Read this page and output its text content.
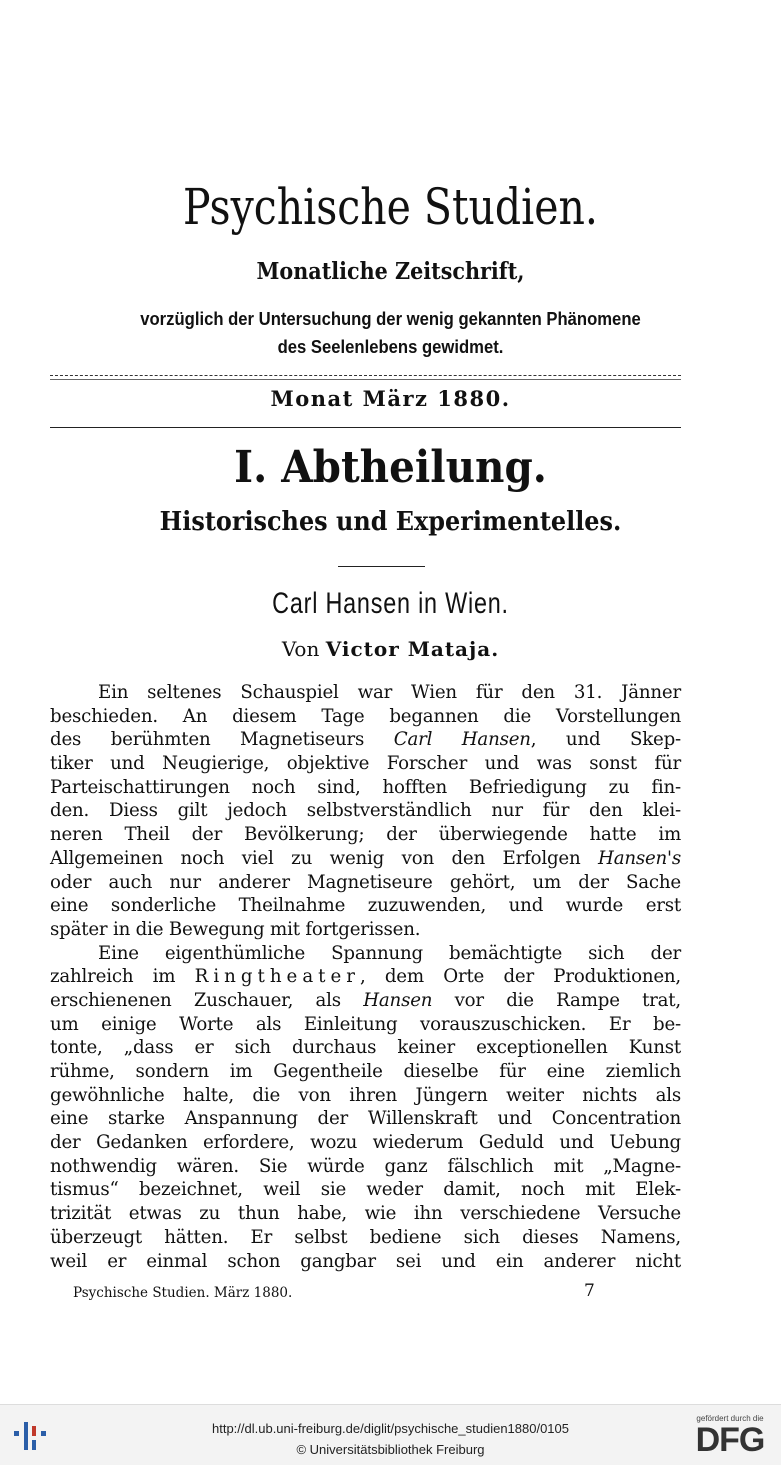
Psychische Studien.
Monatliche Zeitschrift,
vorzüglich der Untersuchung der wenig gekannten Phänomene
des Seelenlebens gewidmet.
Monat März 1880.
I. Abtheilung.
Historisches und Experimentelles.
Carl Hansen in Wien.
Von Victor Mataja.
Ein seltenes Schauspiel war Wien für den 31. Jänner
beschieden. An diesem Tage begannen die Vorstellungen
des berühmten Magnetiseurs Carl Hansen, und Skep-
tiker und Neugierige, objektive Forscher und was sonst für
Parteischattirungen noch sind, hofften Befriedigung zu fin-
den. Diess gilt jedoch selbstverständlich nur für den klei-
neren Theil der Bevölkerung; der überwiegende hatte im
Allgemeinen noch viel zu wenig von den Erfolgen Hansen's
oder auch nur anderer Magnetiseure gehört, um der Sache
eine sonderliche Theilnahme zuzuwenden, und wurde erst
später in die Bewegung mit fortgerissen.
Eine eigenthümliche Spannung bemächtigte sich der
zahlreich im Ringtheater, dem Orte der Produktionen,
erschienenen Zuschauer, als Hansen vor die Rampe trat,
um einige Worte als Einleitung vorauszuschicken. Er be-
tonte, „dass er sich durchaus keiner exceptionellen Kunst
rühme, sondern im Gegentheile dieselbe für eine ziemlich
gewöhnliche halte, die von ihren Jüngern weiter nichts als
eine starke Anspannung der Willenskraft und Concentration
der Gedanken erfordere, wozu wiederum Geduld und Uebung
nothwendig wären. Sie würde ganz fälschlich mit „Magne-
tismus“ bezeichnet, weil sie weder damit, noch mit Elek-
trizität etwas zu thun habe, wie ihn verschiedene Versuche
überzeugt hätten. Er selbst bediene sich dieses Namens,
weil er einmal schon gangbar sei und ein anderer nicht
Psychische Studien. März 1880.	7
http://dl.ub.uni-freiburg.de/diglit/psychische_studien1880/0105
© Universitätsbibliothek Freiburg
gefördert durch die
DFG
